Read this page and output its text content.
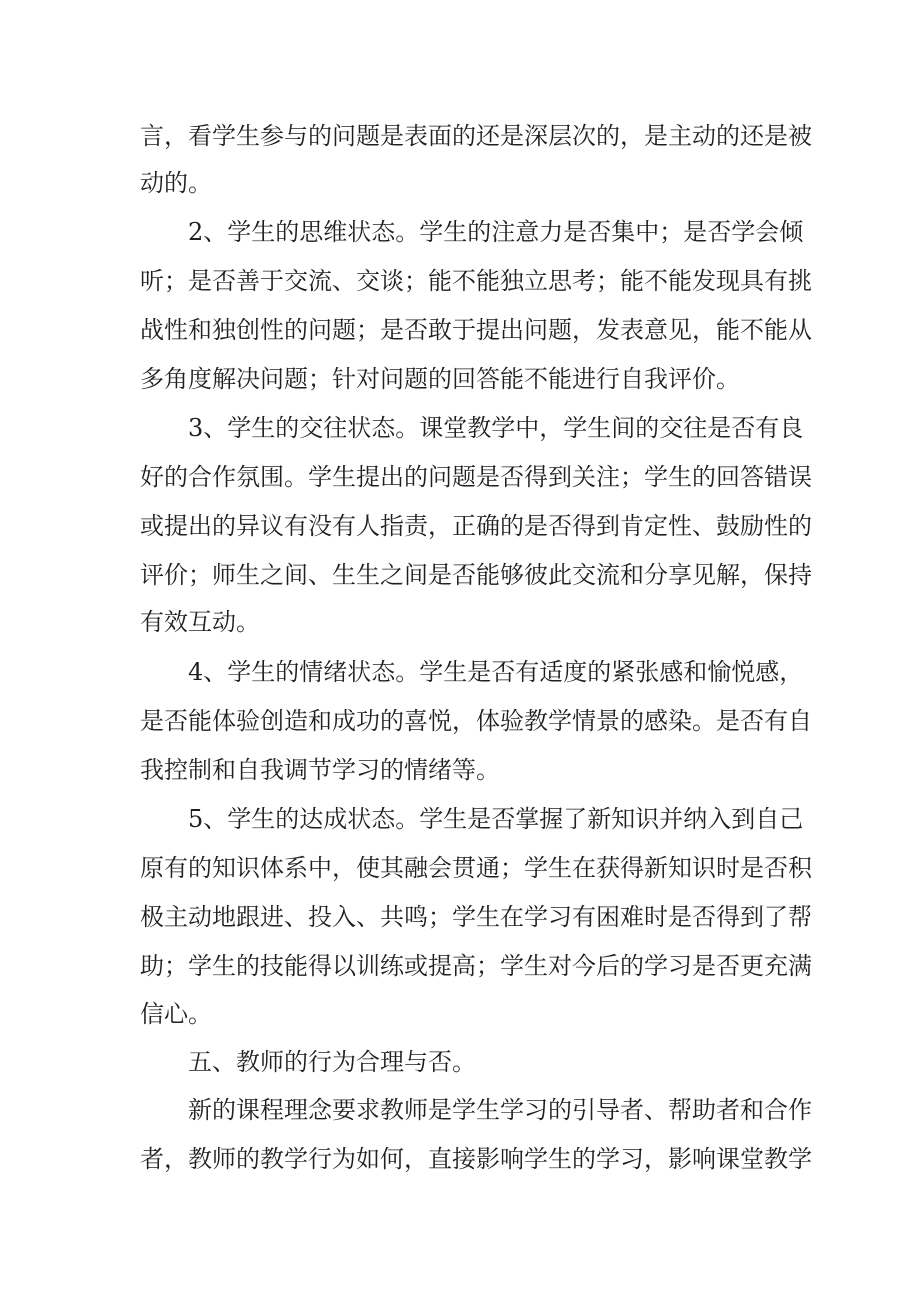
言，看学生参与的问题是表面的还是深层次的，是主动的还是被

动的。

2、学生的思维状态。学生的注意力是否集中；是否学会倾

听；是否善于交流、交谈；能不能独立思考；能不能发现具有挑

战性和独创性的问题；是否敢于提出问题，发表意见，能不能从

多角度解决问题；针对问题的回答能不能进行自我评价。

3、学生的交往状态。课堂教学中，学生间的交往是否有良

好的合作氛围。学生提出的问题是否得到关注；学生的回答错误

或提出的异议有没有人指责，正确的是否得到肯定性、鼓励性的

评价；师生之间、生生之间是否能够彼此交流和分享见解，保持

有效互动。

4、学生的情绪状态。学生是否有适度的紧张感和愉悦感，

是否能体验创造和成功的喜悦，体验教学情景的感染。是否有自

我控制和自我调节学习的情绪等。

5、学生的达成状态。学生是否掌握了新知识并纳入到自己

原有的知识体系中，使其融会贯通；学生在获得新知识时是否积

极主动地跟进、投入、共鸣；学生在学习有困难时是否得到了帮

助；学生的技能得以训练或提高；学生对今后的学习是否更充满

信心。

五、教师的行为合理与否。

新的课程理念要求教师是学生学习的引导者、帮助者和合作

者，教师的教学行为如何，直接影响学生的学习，影响课堂教学
